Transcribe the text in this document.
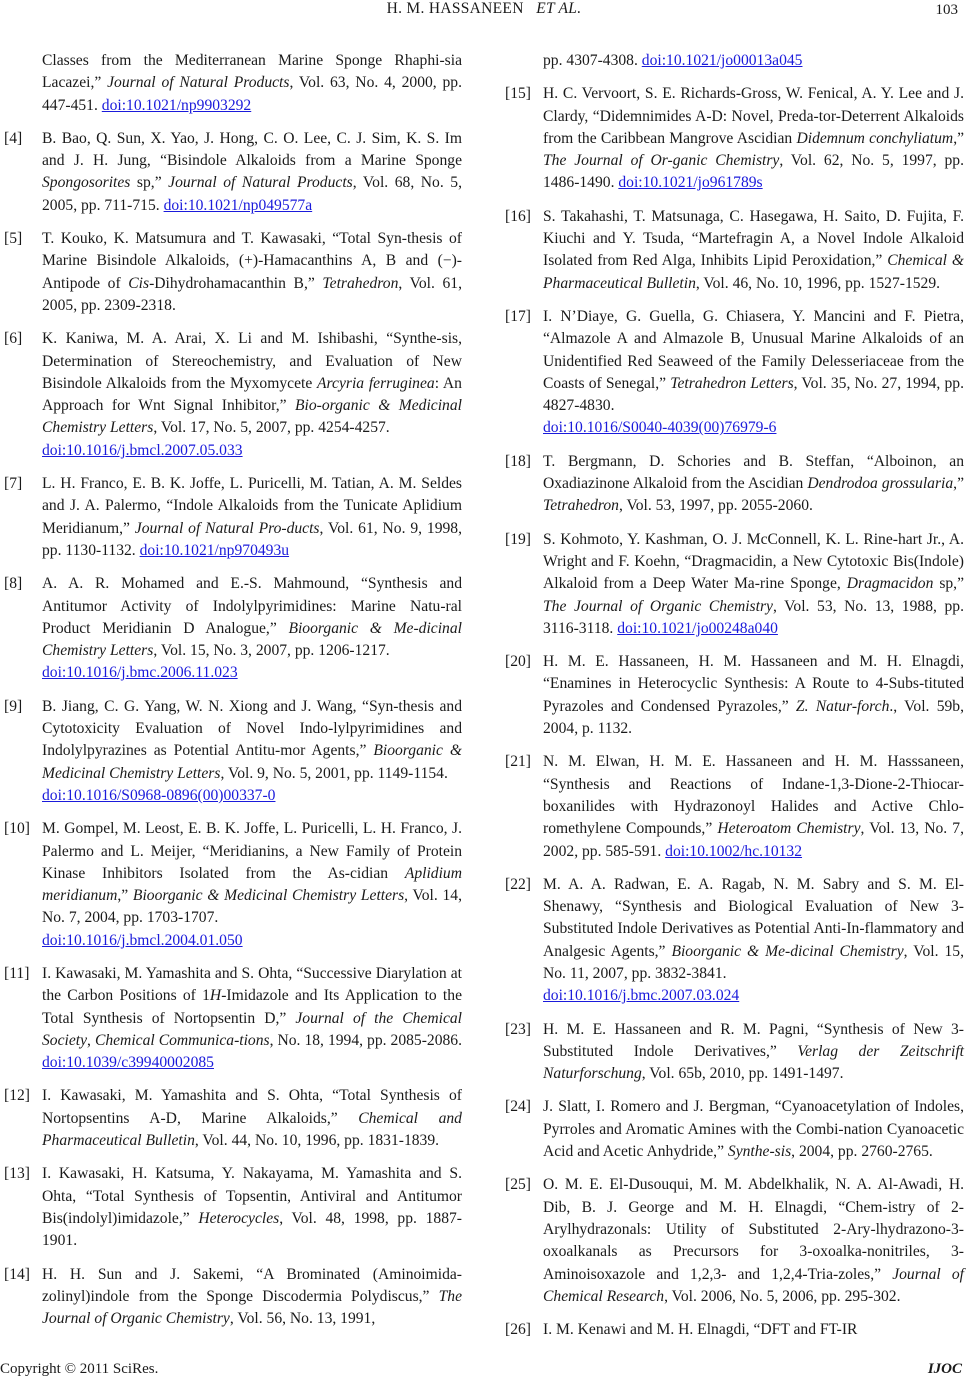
H. M. HASSANEEN ET AL.	103
Classes from the Mediterranean Marine Sponge Rhaphi-sia Lacazei,” Journal of Natural Products, Vol. 63, No. 4, 2000, pp. 447-451. doi:10.1021/np9903292
[4] B. Bao, Q. Sun, X. Yao, J. Hong, C. O. Lee, C. J. Sim, K. S. Im and J. H. Jung, “Bisindole Alkaloids from a Marine Sponge Spongosorites sp,” Journal of Natural Products, Vol. 68, No. 5, 2005, pp. 711-715. doi:10.1021/np049577a
[5] T. Kouko, K. Matsumura and T. Kawasaki, “Total Syn-thesis of Marine Bisindole Alkaloids, (+)-Hamacanthins A, B and (−)-Antipode of Cis-Dihydrohamacanthin B,” Tetrahedron, Vol. 61, 2005, pp. 2309-2318.
[6] K. Kaniwa, M. A. Arai, X. Li and M. Ishibashi, “Synthe-sis, Determination of Stereochemistry, and Evaluation of New Bisindole Alkaloids from the Myxomycete Arcyria ferruginea: An Approach for Wnt Signal Inhibitor,” Bio-organic & Medicinal Chemistry Letters, Vol. 17, No. 5, 2007, pp. 4254-4257.
doi:10.1016/j.bmcl.2007.05.033
[7] L. H. Franco, E. B. K. Joffe, L. Puricelli, M. Tatian, A. M. Seldes and J. A. Palermo, “Indole Alkaloids from the Tunicate Aplidium Meridianum,” Journal of Natural Pro-ducts, Vol. 61, No. 9, 1998, pp. 1130-1132. doi:10.1021/np970493u
[8] A. A. R. Mohamed and E.-S. Mahmound, “Synthesis and Antitumor Activity of Indolylpyrimidines: Marine Natu-ral Product Meridianin D Analogue,” Bioorganic & Me-dicinal Chemistry Letters, Vol. 15, No. 3, 2007, pp. 1206-1217.
doi:10.1016/j.bmc.2006.11.023
[9] B. Jiang, C. G. Yang, W. N. Xiong and J. Wang, “Syn-thesis and Cytotoxicity Evaluation of Novel Indo-lylpyrimidines and Indolylpyrazines as Potential Antitu-mor Agents,” Bioorganic & Medicinal Chemistry Letters, Vol. 9, No. 5, 2001, pp. 1149-1154.
doi:10.1016/S0968-0896(00)00337-0
[10] M. Gompel, M. Leost, E. B. K. Joffe, L. Puricelli, L. H. Franco, J. Palermo and L. Meijer, “Meridianins, a New Family of Protein Kinase Inhibitors Isolated from the As-cidian Aplidium meridianum,” Bioorganic & Medicinal Chemistry Letters, Vol. 14, No. 7, 2004, pp. 1703-1707.
doi:10.1016/j.bmcl.2004.01.050
[11] I. Kawasaki, M. Yamashita and S. Ohta, “Successive Diarylation at the Carbon Positions of 1H-Imidazole and Its Application to the Total Synthesis of Nortopsentin D,” Journal of the Chemical Society, Chemical Communica-tions, No. 18, 1994, pp. 2085-2086. doi:10.1039/c39940002085
[12] I. Kawasaki, M. Yamashita and S. Ohta, “Total Synthesis of Nortopsentins A-D, Marine Alkaloids,” Chemical and Pharmaceutical Bulletin, Vol. 44, No. 10, 1996, pp. 1831-1839.
[13] I. Kawasaki, H. Katsuma, Y. Nakayama, M. Yamashita and S. Ohta, “Total Synthesis of Topsentin, Antiviral and Antitumor Bis(indolyl)imidazole,” Heterocycles, Vol. 48, 1998, pp. 1887-1901.
[14] H. H. Sun and J. Sakemi, “A Brominated (Aminoimida-zolinyl)indole from the Sponge Discodermia Polydiscus,” The Journal of Organic Chemistry, Vol. 56, No. 13, 1991,
pp. 4307-4308. doi:10.1021/jo00013a045
[15] H. C. Vervoort, S. E. Richards-Gross, W. Fenical, A. Y. Lee and J. Clardy, “Didemnimides A-D: Novel, Preda-tor-Deterrent Alkaloids from the Caribbean Mangrove Ascidian Didemnum conchyliatum,” The Journal of Or-ganic Chemistry, Vol. 62, No. 5, 1997, pp. 1486-1490. doi:10.1021/jo961789s
[16] S. Takahashi, T. Matsunaga, C. Hasegawa, H. Saito, D. Fujita, F. Kiuchi and Y. Tsuda, “Martefragin A, a Novel Indole Alkaloid Isolated from Red Alga, Inhibits Lipid Peroxidation,” Chemical & Pharmaceutical Bulletin, Vol. 46, No. 10, 1996, pp. 1527-1529.
[17] I. N’Diaye, G. Guella, G. Chiasera, Y. Mancini and F. Pietra, “Almazole A and Almazole B, Unusual Marine Alkaloids of an Unidentified Red Seaweed of the Family Delesseriaceae from the Coasts of Senegal,” Tetrahedron Letters, Vol. 35, No. 27, 1994, pp. 4827-4830.
doi:10.1016/S0040-4039(00)76979-6
[18] T. Bergmann, D. Schories and B. Steffan, “Alboinon, an Oxadiazinone Alkaloid from the Ascidian Dendrodoa grossularia,” Tetrahedron, Vol. 53, 1997, pp. 2055-2060.
[19] S. Kohmoto, Y. Kashman, O. J. McConnell, K. L. Rine-hart Jr., A. Wright and F. Koehn, “Dragmacidin, a New Cytotoxic Bis(Indole) Alkaloid from a Deep Water Ma-rine Sponge, Dragmacidon sp,” The Journal of Organic Chemistry, Vol. 53, No. 13, 1988, pp. 3116-3118. doi:10.1021/jo00248a040
[20] H. M. E. Hassaneen, H. M. Hassaneen and M. H. Elnagdi, “Enamines in Heterocyclic Synthesis: A Route to 4-Subs-tituted Pyrazoles and Condensed Pyrazoles,” Z. Natur-forch., Vol. 59b, 2004, p. 1132.
[21] N. M. Elwan, H. M. E. Hassaneen and H. M. Hasssaneen, “Synthesis and Reactions of Indane-1,3-Dione-2-Thiocar-boxanilides with Hydrazonoyl Halides and Active Chlo-romethylene Compounds,” Heteroatom Chemistry, Vol. 13, No. 7, 2002, pp. 585-591. doi:10.1002/hc.10132
[22] M. A. A. Radwan, E. A. Ragab, N. M. Sabry and S. M. El-Shenawy, “Synthesis and Biological Evaluation of New 3-Substituted Indole Derivatives as Potential Anti-In-flammatory and Analgesic Agents,” Bioorganic & Me-dicinal Chemistry, Vol. 15, No. 11, 2007, pp. 3832-3841.
doi:10.1016/j.bmc.2007.03.024
[23] H. M. E. Hassaneen and R. M. Pagni, “Synthesis of New 3-Substituted Indole Derivatives,” Verlag der Zeitschrift Naturforschung, Vol. 65b, 2010, pp. 1491-1497.
[24] J. Slatt, I. Romero and J. Bergman, “Cyanoacetylation of Indoles, Pyrroles and Aromatic Amines with the Combi-nation Cyanoacetic Acid and Acetic Anhydride,” Synthe-sis, 2004, pp. 2760-2765.
[25] O. M. E. El-Dusouqui, M. M. Abdelkhalik, N. A. Al-Awadi, H. Dib, B. J. George and M. H. Elnagdi, “Chem-istry of 2-Arylhydrazonals: Utility of Substituted 2-Ary-lhydrazono-3-oxoalkanals as Precursors for 3-oxoalka-nonitriles, 3-Aminoisoxazole and 1,2,3- and 1,2,4-Tria-zoles,” Journal of Chemical Research, Vol. 2006, No. 5, 2006, pp. 295-302.
[26] I. M. Kenawi and M. H. Elnagdi, “DFT and FT-IR
Copyright © 2011 SciRes.	IJOC
